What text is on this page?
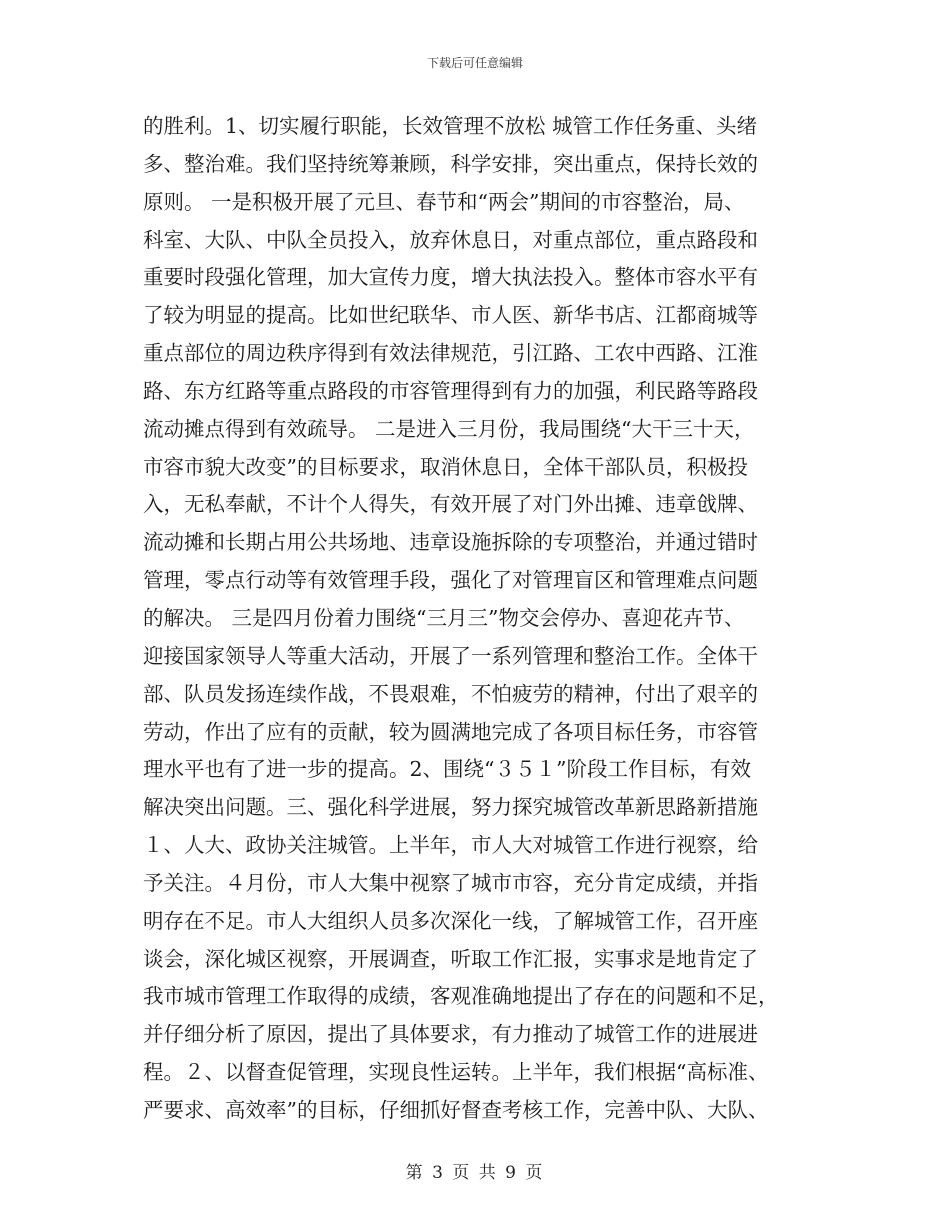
下载后可任意编辑
的胜利。1、切实履行职能，长效管理不放松 城管工作任务重、头绪
多、整治难。我们坚持统筹兼顾，科学安排，突出重点，保持长效的
原则。 一是积极开展了元旦、春节和“两会”期间的市容整治，局、
科室、大队、中队全员投入，放弃休息日，对重点部位，重点路段和
重要时段强化管理，加大宣传力度，增大执法投入。整体市容水平有
了较为明显的提高。比如世纪联华、市人医、新华书店、江都商城等
重点部位的周边秩序得到有效法律规范，引江路、工农中西路、江淮
路、东方红路等重点路段的市容管理得到有力的加强，利民路等路段
流动摊点得到有效疏导。 二是进入三月份，我局围绕“大干三十天，
市容市貌大改变”的目标要求，取消休息日，全体干部队员，积极投
入，无私奉献，不计个人得失，有效开展了对门外出摊、违章戗牌、
流动摊和长期占用公共场地、违章设施拆除的专项整治，并通过错时
管理，零点行动等有效管理手段，强化了对管理盲区和管理难点问题
的解决。 三是四月份着力围绕“三月三”物交会停办、喜迎花卉节、
迎接国家领导人等重大活动，开展了一系列管理和整治工作。全体干
部、队员发扬连续作战，不畏艰难，不怕疲劳的精神，付出了艰辛的
劳动，作出了应有的贡献，较为圆满地完成了各项目标任务，市容管
理水平也有了进一步的提高。2、围绕“３５１”阶段工作目标，有效
解决突出问题。三、强化科学进展，努力探究城管改革新思路新措施
１、人大、政协关注城管。上半年，市人大对城管工作进行视察，给
予关注。４月份，市人大集中视察了城市市容，充分肯定成绩，并指
明存在不足。市人大组织人员多次深化一线，了解城管工作，召开座
谈会，深化城区视察，开展调查，听取工作汇报，实事求是地肯定了
我市城市管理工作取得的成绩，客观准确地提出了存在的问题和不足，
并仔细分析了原因，提出了具体要求，有力推动了城管工作的进展进
程。２、以督查促管理，实现良性运转。上半年，我们根据“高标准、
严要求、高效率”的目标，仔细抓好督查考核工作，完善中队、大队、
第 3 页 共 9 页
